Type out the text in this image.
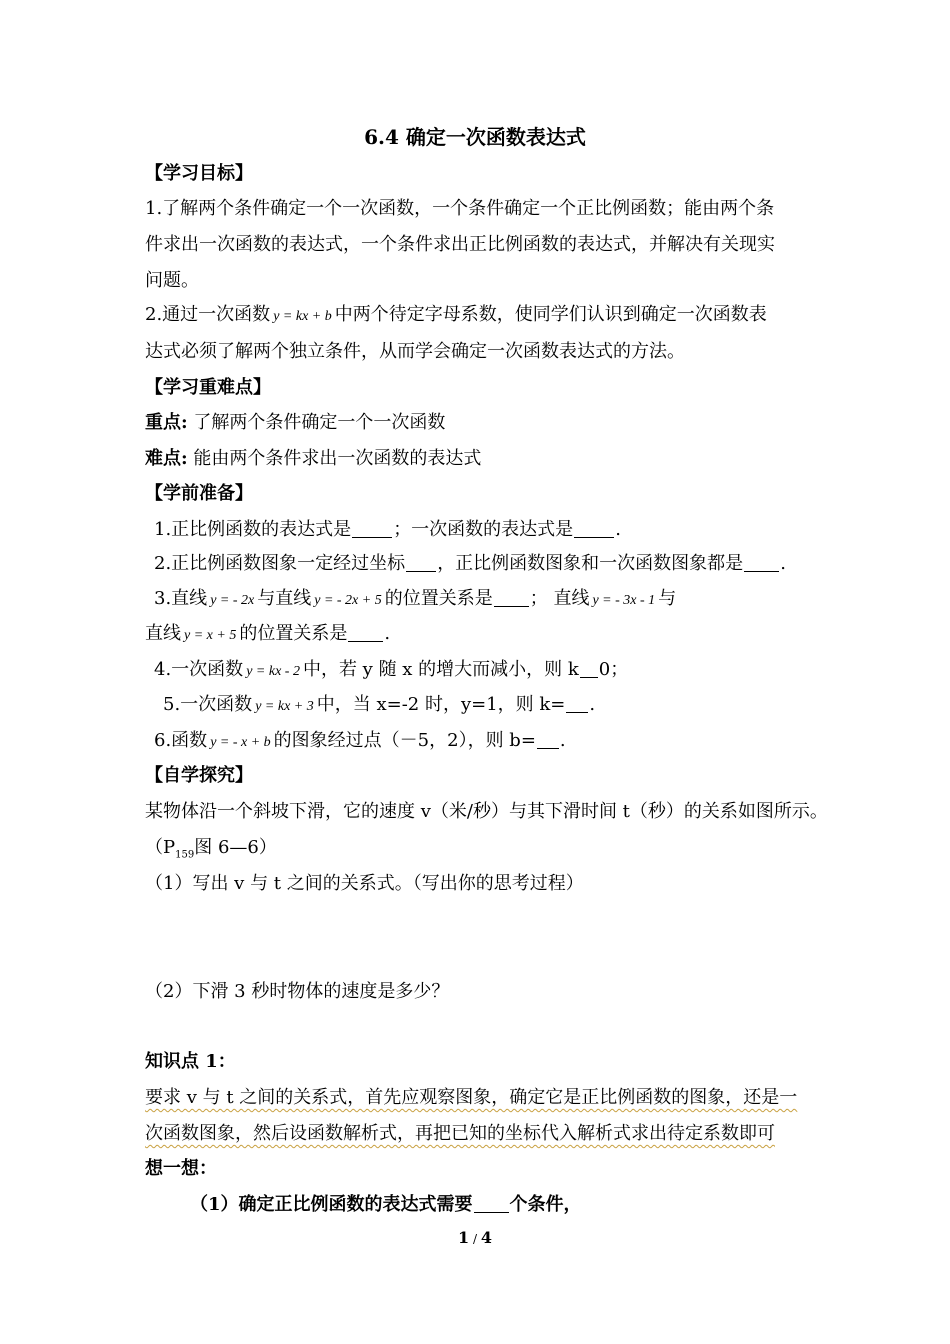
6.4 确定一次函数表达式
【学习目标】
1.了解两个条件确定一个一次函数，一个条件确定一个正比例函数；能由两个条
件求出一次函数的表达式，一个条件求出正比例函数的表达式，并解决有关现实
问题。
2.通过一次函数 y = kx + b 中两个待定字母系数，使同学们认识到确定一次函数表
达式必须了解两个独立条件，从而学会确定一次函数表达式的方法。
【学习重难点】
重点: 了解两个条件确定一个一次函数
难点: 能由两个条件求出一次函数的表达式
【学前准备】
1.正比例函数的表达式是 ；一次函数的表达式是 .
2.正比例函数图象一定经过坐标 ，正比例函数图象和一次函数图象都是 .
3.直线 y = - 2x 与直线 y = - 2x + 5 的位置关系是 ； 直线 y = - 3x - 1 与
直线 y = x + 5 的位置关系是 .
4.一次函数 y = kx - 2 中，若 y 随 x 的增大而减小，则 k 0；
5.一次函数 y = kx + 3 中，当 x=-2 时，y=1，则 k= .
6.函数 y = - x + b 的图象经过点（－5，2），则 b= .
【自学探究】
某物体沿一个斜坡下滑，它的速度 v（米/秒）与其下滑时间 t（秒）的关系如图所示。
（$P_{159}$图 6—6）
（1）写出 v 与 t 之间的关系式。（写出你的思考过程）
（2）下滑 3 秒时物体的速度是多少？
知识点 1：
要求 v 与 t 之间的关系式，首先应观察图象，确定它是正比例函数的图象，还是一
次函数图象，然后设函数解析式，再把已知的坐标代入解析式求出待定系数即可
想一想：
（1）确定正比例函数的表达式需要 个条件，
1 / 4
